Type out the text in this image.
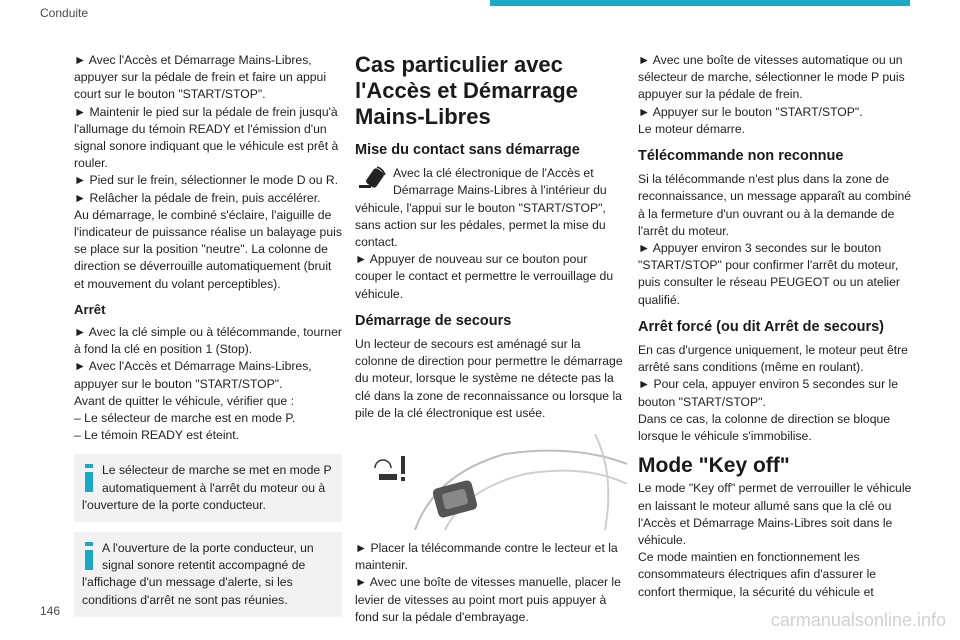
Conduite

► Avec l'Accès et Démarrage Mains-Libres, appuyer sur la pédale de frein et faire un appui court sur le bouton "START/STOP".

► Maintenir le pied sur la pédale de frein jusqu'à l'allumage du témoin READY et l'émission d'un signal sonore indiquant que le véhicule est prêt à rouler.

► Pied sur le frein, sélectionner le mode D ou R.

► Relâcher la pédale de frein, puis accélérer.

Au démarrage, le combiné s'éclaire, l'aiguille de l'indicateur de puissance réalise un balayage puis se place sur la position "neutre". La colonne de direction se déverrouille automatiquement (bruit et mouvement du volant perceptibles).

Arrêt

► Avec la clé simple ou à télécommande, tourner à fond la clé en position 1 (Stop).

► Avec l'Accès et Démarrage Mains-Libres, appuyer sur le bouton "START/STOP".

Avant de quitter le véhicule, vérifier que :

– Le sélecteur de marche est en mode P.

– Le témoin READY est éteint.

Le sélecteur de marche se met en mode P automatiquement à l'arrêt du moteur ou à l'ouverture de la porte conducteur.

A l'ouverture de la porte conducteur, un signal sonore retentit accompagné de l'affichage d'un message d'alerte, si les conditions d'arrêt ne sont pas réunies.

Cas particulier avec l'Accès et Démarrage Mains-Libres
Mise du contact sans démarrage

Avec la clé électronique de l'Accès et Démarrage Mains-Libres à l'intérieur du véhicule, l'appui sur le bouton "START/STOP", sans action sur les pédales, permet la mise du contact.

► Appuyer de nouveau sur ce bouton pour couper le contact et permettre le verrouillage du véhicule.

Démarrage de secours

Un lecteur de secours est aménagé sur la colonne de direction pour permettre le démarrage du moteur, lorsque le système ne détecte pas la clé dans la zone de reconnaissance ou lorsque la pile de la clé électronique est usée.

► Placer la télécommande contre le lecteur et la maintenir.

► Avec une boîte de vitesses manuelle, placer le levier de vitesses au point mort puis appuyer à fond sur la pédale d'embrayage.

► Avec une boîte de vitesses automatique ou un sélecteur de marche, sélectionner le mode P puis appuyer sur la pédale de frein.

► Appuyer sur le bouton "START/STOP".

Le moteur démarre.

Télécommande non reconnue

Si la télécommande n'est plus dans la zone de reconnaissance, un message apparaît au combiné à la fermeture d'un ouvrant ou à la demande de l'arrêt du moteur.

► Appuyer environ 3 secondes sur le bouton "START/STOP" pour confirmer l'arrêt du moteur, puis consulter le réseau PEUGEOT ou un atelier qualifié.

Arrêt forcé (ou dit Arrêt de secours)

En cas d'urgence uniquement, le moteur peut être arrêté sans conditions (même en roulant).

► Pour cela, appuyer environ 5 secondes sur le bouton "START/STOP".

Dans ce cas, la colonne de direction se bloque lorsque le véhicule s'immobilise.

Mode "Key off"

Le mode "Key off" permet de verrouiller le véhicule en laissant le moteur allumé sans que la clé ou l'Accès et Démarrage Mains-Libres soit dans le véhicule.

Ce mode maintien en fonctionnement les consommateurs électriques afin d'assurer le confort thermique, la sécurité du véhicule et

146	carmanualsonline.info
